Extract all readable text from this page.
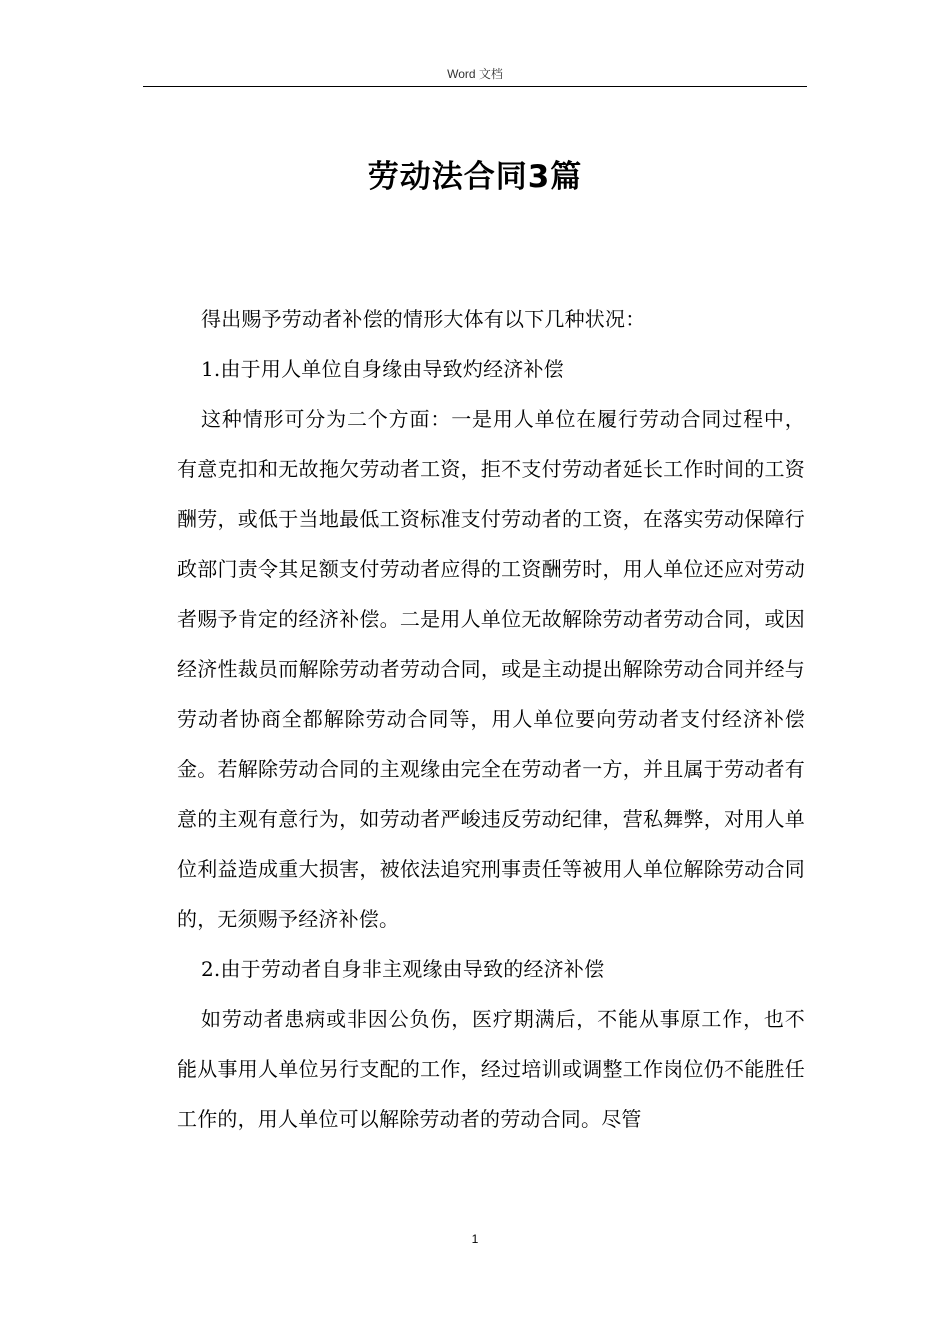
Word 文档
劳动法合同3篇

得出赐予劳动者补偿的情形大体有以下几种状况：

1.由于用人单位自身缘由导致灼经济补偿

这种情形可分为二个方面：一是用人单位在履行劳动合同过程中，有意克扣和无故拖欠劳动者工资，拒不支付劳动者延长工作时间的工资酬劳，或低于当地最低工资标准支付劳动者的工资，在落实劳动保障行政部门责令其足额支付劳动者应得的工资酬劳时，用人单位还应对劳动者赐予肯定的经济补偿。二是用人单位无故解除劳动者劳动合同，或因经济性裁员而解除劳动者劳动合同，或是主动提出解除劳动合同并经与劳动者协商全都解除劳动合同等，用人单位要向劳动者支付经济补偿金。若解除劳动合同的主观缘由完全在劳动者一方，并且属于劳动者有意的主观有意行为，如劳动者严峻违反劳动纪律，营私舞弊，对用人单位利益造成重大损害，被依法追究刑事责任等被用人单位解除劳动合同的，无须赐予经济补偿。

2.由于劳动者自身非主观缘由导致的经济补偿

如劳动者患病或非因公负伤，医疗期满后，不能从事原工作，也不能从事用人单位另行支配的工作，经过培训或调整工作岗位仍不能胜任工作的，用人单位可以解除劳动者的劳动合同。尽管

1
